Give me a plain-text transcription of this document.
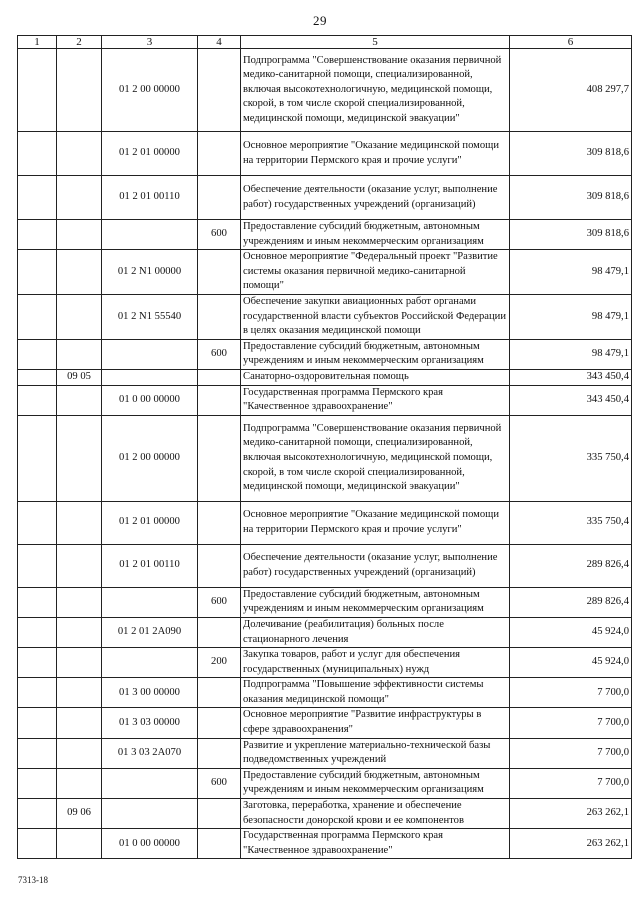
29
1	2	3	4	5	6
		01 2 00 00000		Подпрограмма "Совершенствование оказания первичной медико-санитарной помощи, специализированной, включая высокотехнологичную, медицинской помощи, скорой, в том числе скорой специализированной, медицинской помощи, медицинской эвакуации"	408 297,7
		01 2 01 00000		Основное мероприятие "Оказание медицинской помощи на территории Пермского края и прочие услуги"	309 818,6
		01 2 01 00110		Обеспечение деятельности (оказание услуг, выполнение работ) государственных учреждений (организаций)	309 818,6
			600	Предоставление субсидий бюджетным, автономным учреждениям и иным некоммерческим организациям	309 818,6
		01 2 N1 00000		Основное мероприятие "Федеральный проект "Развитие системы оказания первичной медико-санитарной помощи"	98 479,1
		01 2 N1 55540		Обеспечение закупки авиационных работ органами государственной власти субъектов Российской Федерации в целях оказания медицинской помощи	98 479,1
			600	Предоставление субсидий бюджетным, автономным учреждениям и иным некоммерческим организациям	98 479,1
	09 05			Санаторно-оздоровительная помощь	343 450,4
		01 0 00 00000		Государственная программа Пермского края "Качественное здравоохранение"	343 450,4
		01 2 00 00000		Подпрограмма "Совершенствование оказания первичной медико-санитарной помощи, специализированной, включая высокотехнологичную, медицинской помощи, скорой, в том числе скорой специализированной, медицинской помощи, медицинской эвакуации"	335 750,4
		01 2 01 00000		Основное мероприятие "Оказание медицинской помощи на территории Пермского края и прочие услуги"	335 750,4
		01 2 01 00110		Обеспечение деятельности (оказание услуг, выполнение работ) государственных учреждений (организаций)	289 826,4
			600	Предоставление субсидий бюджетным, автономным учреждениям и иным некоммерческим организациям	289 826,4
		01 2 01 2А090		Долечивание (реабилитация) больных после стационарного лечения	45 924,0
			200	Закупка товаров, работ и услуг для обеспечения государственных (муниципальных) нужд	45 924,0
		01 3 00 00000		Подпрограмма "Повышение эффективности системы оказания медицинской помощи"	7 700,0
		01 3 03 00000		Основное мероприятие "Развитие инфраструктуры в сфере здравоохранения"	7 700,0
		01 3 03 2А070		Развитие и укрепление материально-технической базы подведомственных учреждений	7 700,0
			600	Предоставление субсидий бюджетным, автономным учреждениям и иным некоммерческим организациям	7 700,0
	09 06			Заготовка, переработка, хранение и обеспечение безопасности донорской крови и ее компонентов	263 262,1
		01 0 00 00000		Государственная программа Пермского края "Качественное здравоохранение"	263 262,1
7313-18
